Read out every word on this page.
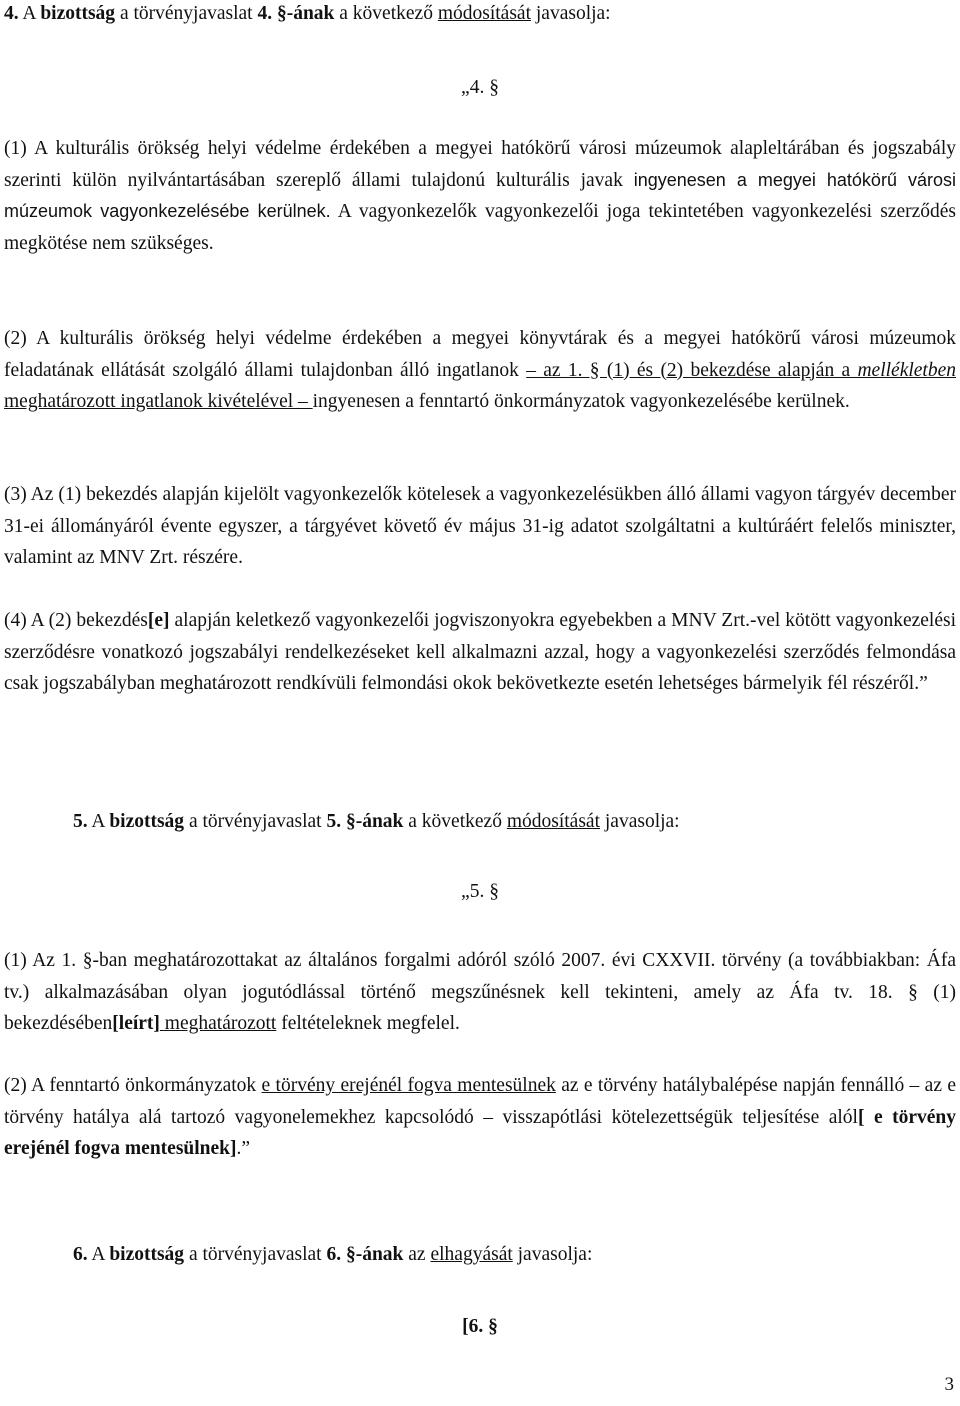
4. A bizottság a törvényjavaslat 4. §-ának a következő módosítását javasolja:
„4. §
(1) A kulturális örökség helyi védelme érdekében a megyei hatókörű városi múzeumok alapleltárában és jogszabály szerinti külön nyilvántartásában szereplő állami tulajdonú kulturális javak ingyenesen a megyei hatókörű városi múzeumok vagyonkezelésébe kerülnek. A vagyonkezelők vagyonkezelői joga tekintetében vagyonkezelési szerződés megkötése nem szükséges.
(2) A kulturális örökség helyi védelme érdekében a megyei könyvtárak és a megyei hatókörű városi múzeumok feladatának ellátását szolgáló állami tulajdonban álló ingatlanok – az 1. § (1) és (2) bekezdése alapján a mellékletben meghatározott ingatlanok kivételével – ingyenesen a fenntartó önkormányzatok vagyonkezelésébe kerülnek.
(3) Az (1) bekezdés alapján kijelölt vagyonkezelők kötelesek a vagyonkezelésükben álló állami vagyon tárgyév december 31-ei állományáról évente egyszer, a tárgyévet követő év május 31-ig adatot szolgáltatni a kultúráért felelős miniszter, valamint az MNV Zrt. részére.
(4) A (2) bekezdés[e] alapján keletkező vagyonkezelői jogviszonyokra egyebekben a MNV Zrt.-vel kötött vagyonkezelési szerződésre vonatkozó jogszabályi rendelkezéseket kell alkalmazni azzal, hogy a vagyonkezelési szerződés felmondása csak jogszabályban meghatározott rendkívüli felmondási okok bekövetkezte esetén lehetséges bármelyik fél részéről.”
5. A bizottság a törvényjavaslat 5. §-ának a következő módosítását javasolja:
„5. §
(1) Az 1. §-ban meghatározottakat az általános forgalmi adóról szóló 2007. évi CXXVII. törvény (a továbbiakban: Áfa tv.) alkalmazásában olyan jogutódlással történő megszűnésnek kell tekinteni, amely az Áfa tv. 18. § (1) bekezdésében[leírt] meghatározott feltételeknek megfelel.
(2) A fenntartó önkormányzatok e törvény erejénél fogva mentesülnek az e törvény hatálybalépése napján fennálló – az e törvény hatálya alá tartozó vagyonelemekhez kapcsolódó – visszapótlási kötelezettségük teljesítése alól[ e törvény erejénél fogva mentesülnek].”
6. A bizottság a törvényjavaslat 6. §-ának az elhagyását javasolja:
[6. §
3
